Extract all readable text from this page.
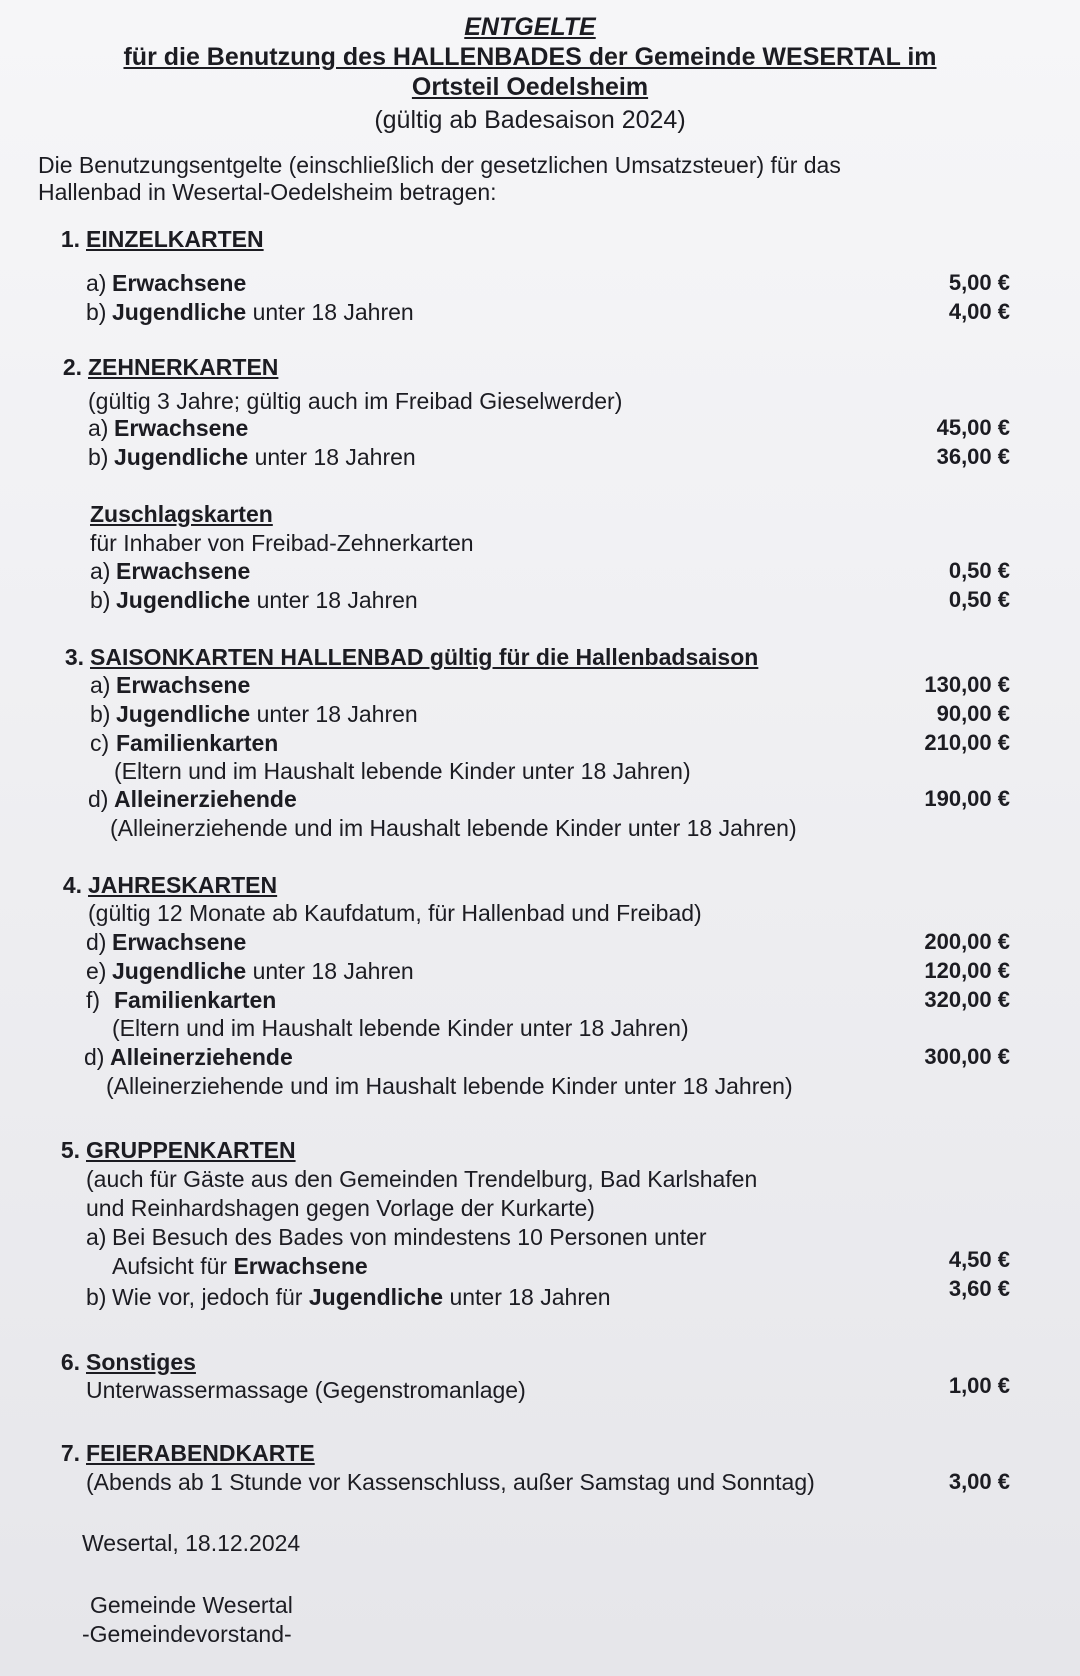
ENTGELTE
für die Benutzung des HALLENBADES der Gemeinde WESERTAL im
Ortsteil Oedelsheim
(gültig ab Badesaison 2024)
Die Benutzungsentgelte (einschließlich der gesetzlichen Umsatzsteuer) für das
Hallenbad in Wesertal-Oedelsheim betragen:
1. EINZELKARTEN
a) Erwachsene	5,00 €
b) Jugendliche unter 18 Jahren	4,00 €
2. ZEHNERKARTEN
(gültig 3 Jahre; gültig auch im Freibad Gieselwerder)
a) Erwachsene	45,00 €
b) Jugendliche unter 18 Jahren	36,00 €
Zuschlagskarten
für Inhaber von Freibad-Zehnerkarten
a) Erwachsene	0,50 €
b) Jugendliche unter 18 Jahren	0,50 €
3. SAISONKARTEN HALLENBAD gültig für die Hallenbadsaison
a) Erwachsene	130,00 €
b) Jugendliche unter 18 Jahren	90,00 €
c) Familienkarten	210,00 €
(Eltern und im Haushalt lebende Kinder unter 18 Jahren)
d) Alleinerziehende	190,00 €
(Alleinerziehende und im Haushalt lebende Kinder unter 18 Jahren)
4. JAHRESKARTEN
(gültig 12 Monate ab Kaufdatum, für Hallenbad und Freibad)
d) Erwachsene	200,00 €
e) Jugendliche unter 18 Jahren	120,00 €
f) Familienkarten	320,00 €
(Eltern und im Haushalt lebende Kinder unter 18 Jahren)
d) Alleinerziehende	300,00 €
(Alleinerziehende und im Haushalt lebende Kinder unter 18 Jahren)
5. GRUPPENKARTEN
(auch für Gäste aus den Gemeinden Trendelburg, Bad Karlshafen
und Reinhardshagen gegen Vorlage der Kurkarte)
a) Bei Besuch des Bades von mindestens 10 Personen unter
Aufsicht für Erwachsene	4,50 €
b) Wie vor, jedoch für Jugendliche unter 18 Jahren	3,60 €
6. Sonstiges
Unterwassermassage (Gegenstromanlage)	1,00 €
7. FEIERABENDKARTE
(Abends ab 1 Stunde vor Kassenschluss, außer Samstag und Sonntag)	3,00 €
Wesertal, 18.12.2024
Gemeinde Wesertal
-Gemeindevorstand-
